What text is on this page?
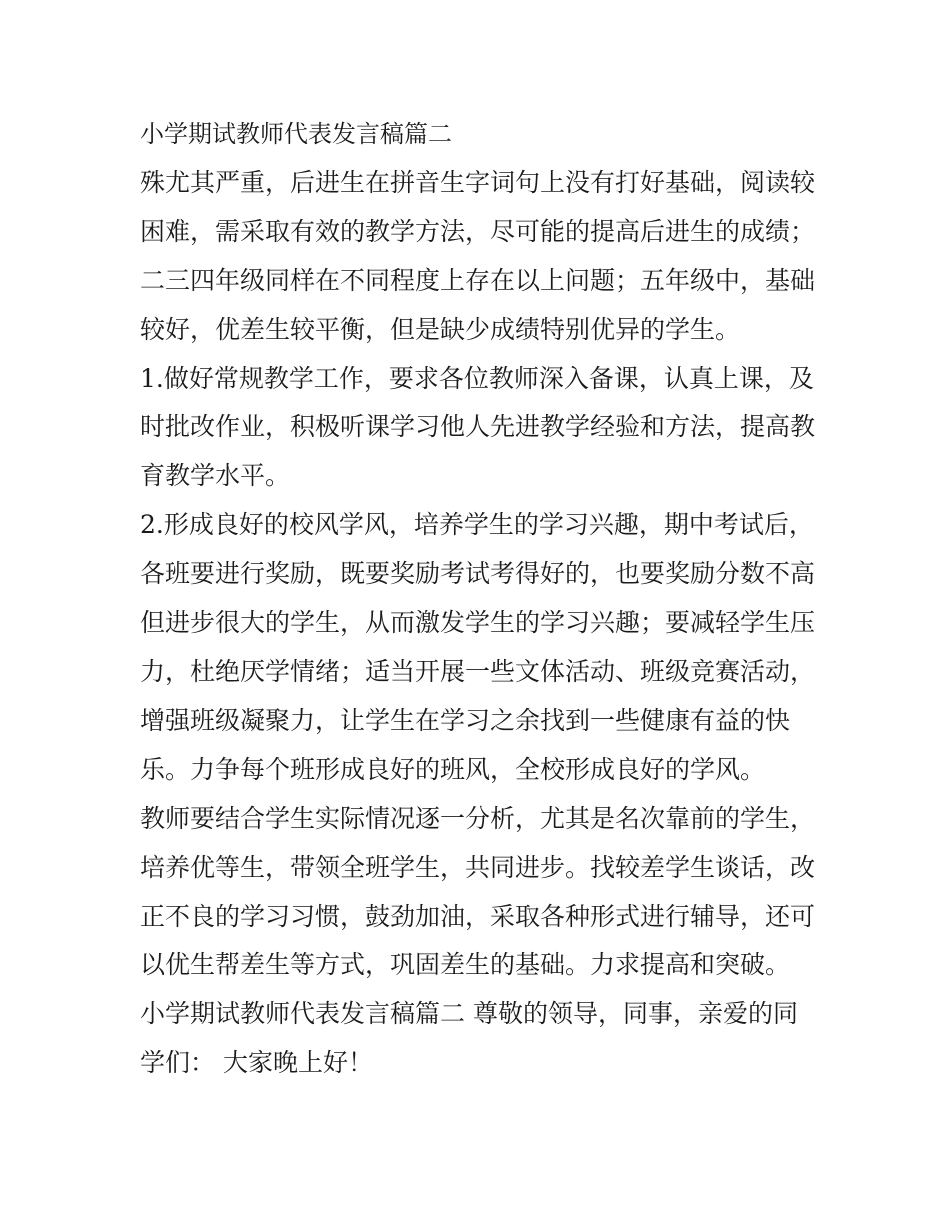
小学期试教师代表发言稿篇二
殊尤其严重，后进生在拼音生字词句上没有打好基础，阅读较
困难，需采取有效的教学方法，尽可能的提高后进生的成绩；
二三四年级同样在不同程度上存在以上问题；五年级中，基础
较好，优差生较平衡，但是缺少成绩特别优异的学生。
1.做好常规教学工作，要求各位教师深入备课，认真上课，及
时批改作业，积极听课学习他人先进教学经验和方法，提高教
育教学水平。
2.形成良好的校风学风，培养学生的学习兴趣，期中考试后，
各班要进行奖励，既要奖励考试考得好的，也要奖励分数不高
但进步很大的学生，从而激发学生的学习兴趣；要减轻学生压
力，杜绝厌学情绪；适当开展一些文体活动、班级竞赛活动，
增强班级凝聚力，让学生在学习之余找到一些健康有益的快
乐。力争每个班形成良好的班风，全校形成良好的学风。
教师要结合学生实际情况逐一分析，尤其是名次靠前的学生，
培养优等生，带领全班学生，共同进步。找较差学生谈话，改
正不良的学习习惯，鼓劲加油，采取各种形式进行辅导，还可
以优生帮差生等方式，巩固差生的基础。力求提高和突破。
小学期试教师代表发言稿篇二 尊敬的领导，同事，亲爱的同
学们： 大家晚上好！
